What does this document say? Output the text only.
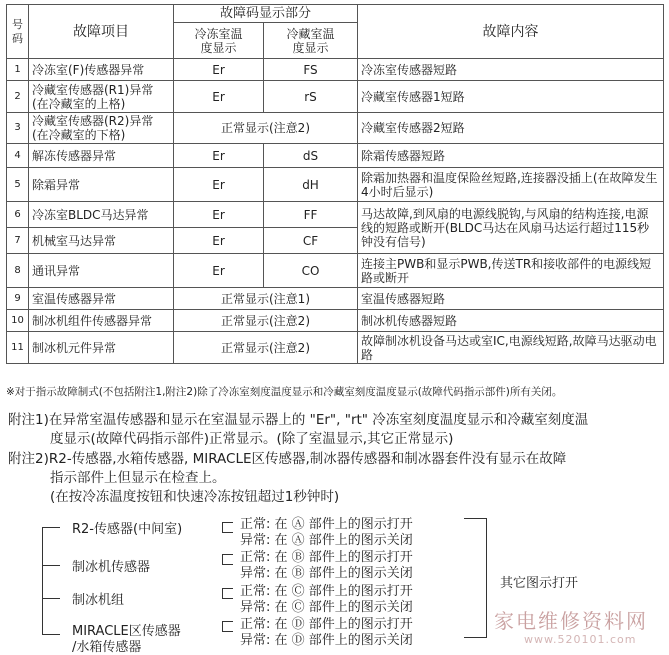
号码	故障项目	故障码显示部分		故障内容
		冷冻室温度显示	冷藏室温度显示	
1	冷冻室(F)传感器异常	Er	FS	冷冻室传感器短路
2	冷藏室传感器(R1)异常(在冷藏室的上格)	Er	rS	冷藏室传感器1短路
3	冷藏室传感器(R2)异常(在冷藏室的下格)	正常显示(注意2)		冷藏室传感器2短路
4	解冻传感器异常	Er	dS	除霜传感器短路
5	除霜异常	Er	dH	除霜加热器和温度保险丝短路,连接器没插上(在故障发生4小时后显示)
6	冷冻室BLDC马达异常	Er	FF	马达故障,到风扇的电源线脱钩,与风扇的结构连接,电源线的短路或断开(BLDC马达在风扇马达运行超过115秒钟没有信号)
7	机械室马达异常	Er	CF	
8	通讯异常	Er	CO	连接主PWB和显示PWB,传送TR和接收部件的电源线短路或断开
9	室温传感器异常	正常显示(注意1)		室温传感器短路
10	制冰机组件传感器异常	正常显示(注意2)		制冰机传感器短路
11	制冰机元件异常	正常显示(注意2)		故障制冰机设备马达或室IC,电源线短路,故障马达驱动电路
※对于指示故障制式(不包括附注1,附注2)除了冷冻室刻度温度显示和冷藏室刻度温度显示(故障代码指示部件)所有关闭。
附注1)在异常室温传感器和显示在室温显示器上的 "Er", "rt" 冷冻室刻度温度显示和冷藏室刻度温
度显示(故障代码指示部件)正常显示。(除了室温显示,其它正常显示)
附注2)R2-传感器,水箱传感器, MIRACLE区传感器,制冰器传感器和制冰器套件没有显示在故障
指示部件上但显示在检查上。
(在按冷冻温度按钮和快速冷冻按钮超过1秒钟时)
R2-传感器(中间室)
制冰机传感器
制冰机组
MIRACLE区传感器
/水箱传感器
正常: 在 Ⓐ 部件上的图示打开
异常: 在 Ⓐ 部件上的图示关闭
正常: 在 Ⓑ 部件上的图示打开
异常: 在 Ⓑ 部件上的图示关闭
正常: 在 Ⓒ 部件上的图示打开
异常: 在 Ⓒ 部件上的图示关闭
正常: 在 Ⓓ 部件上的图示打开
异常: 在 Ⓓ 部件上的图示关闭
其它图示打开
家电维修资料网
www.520101.com
